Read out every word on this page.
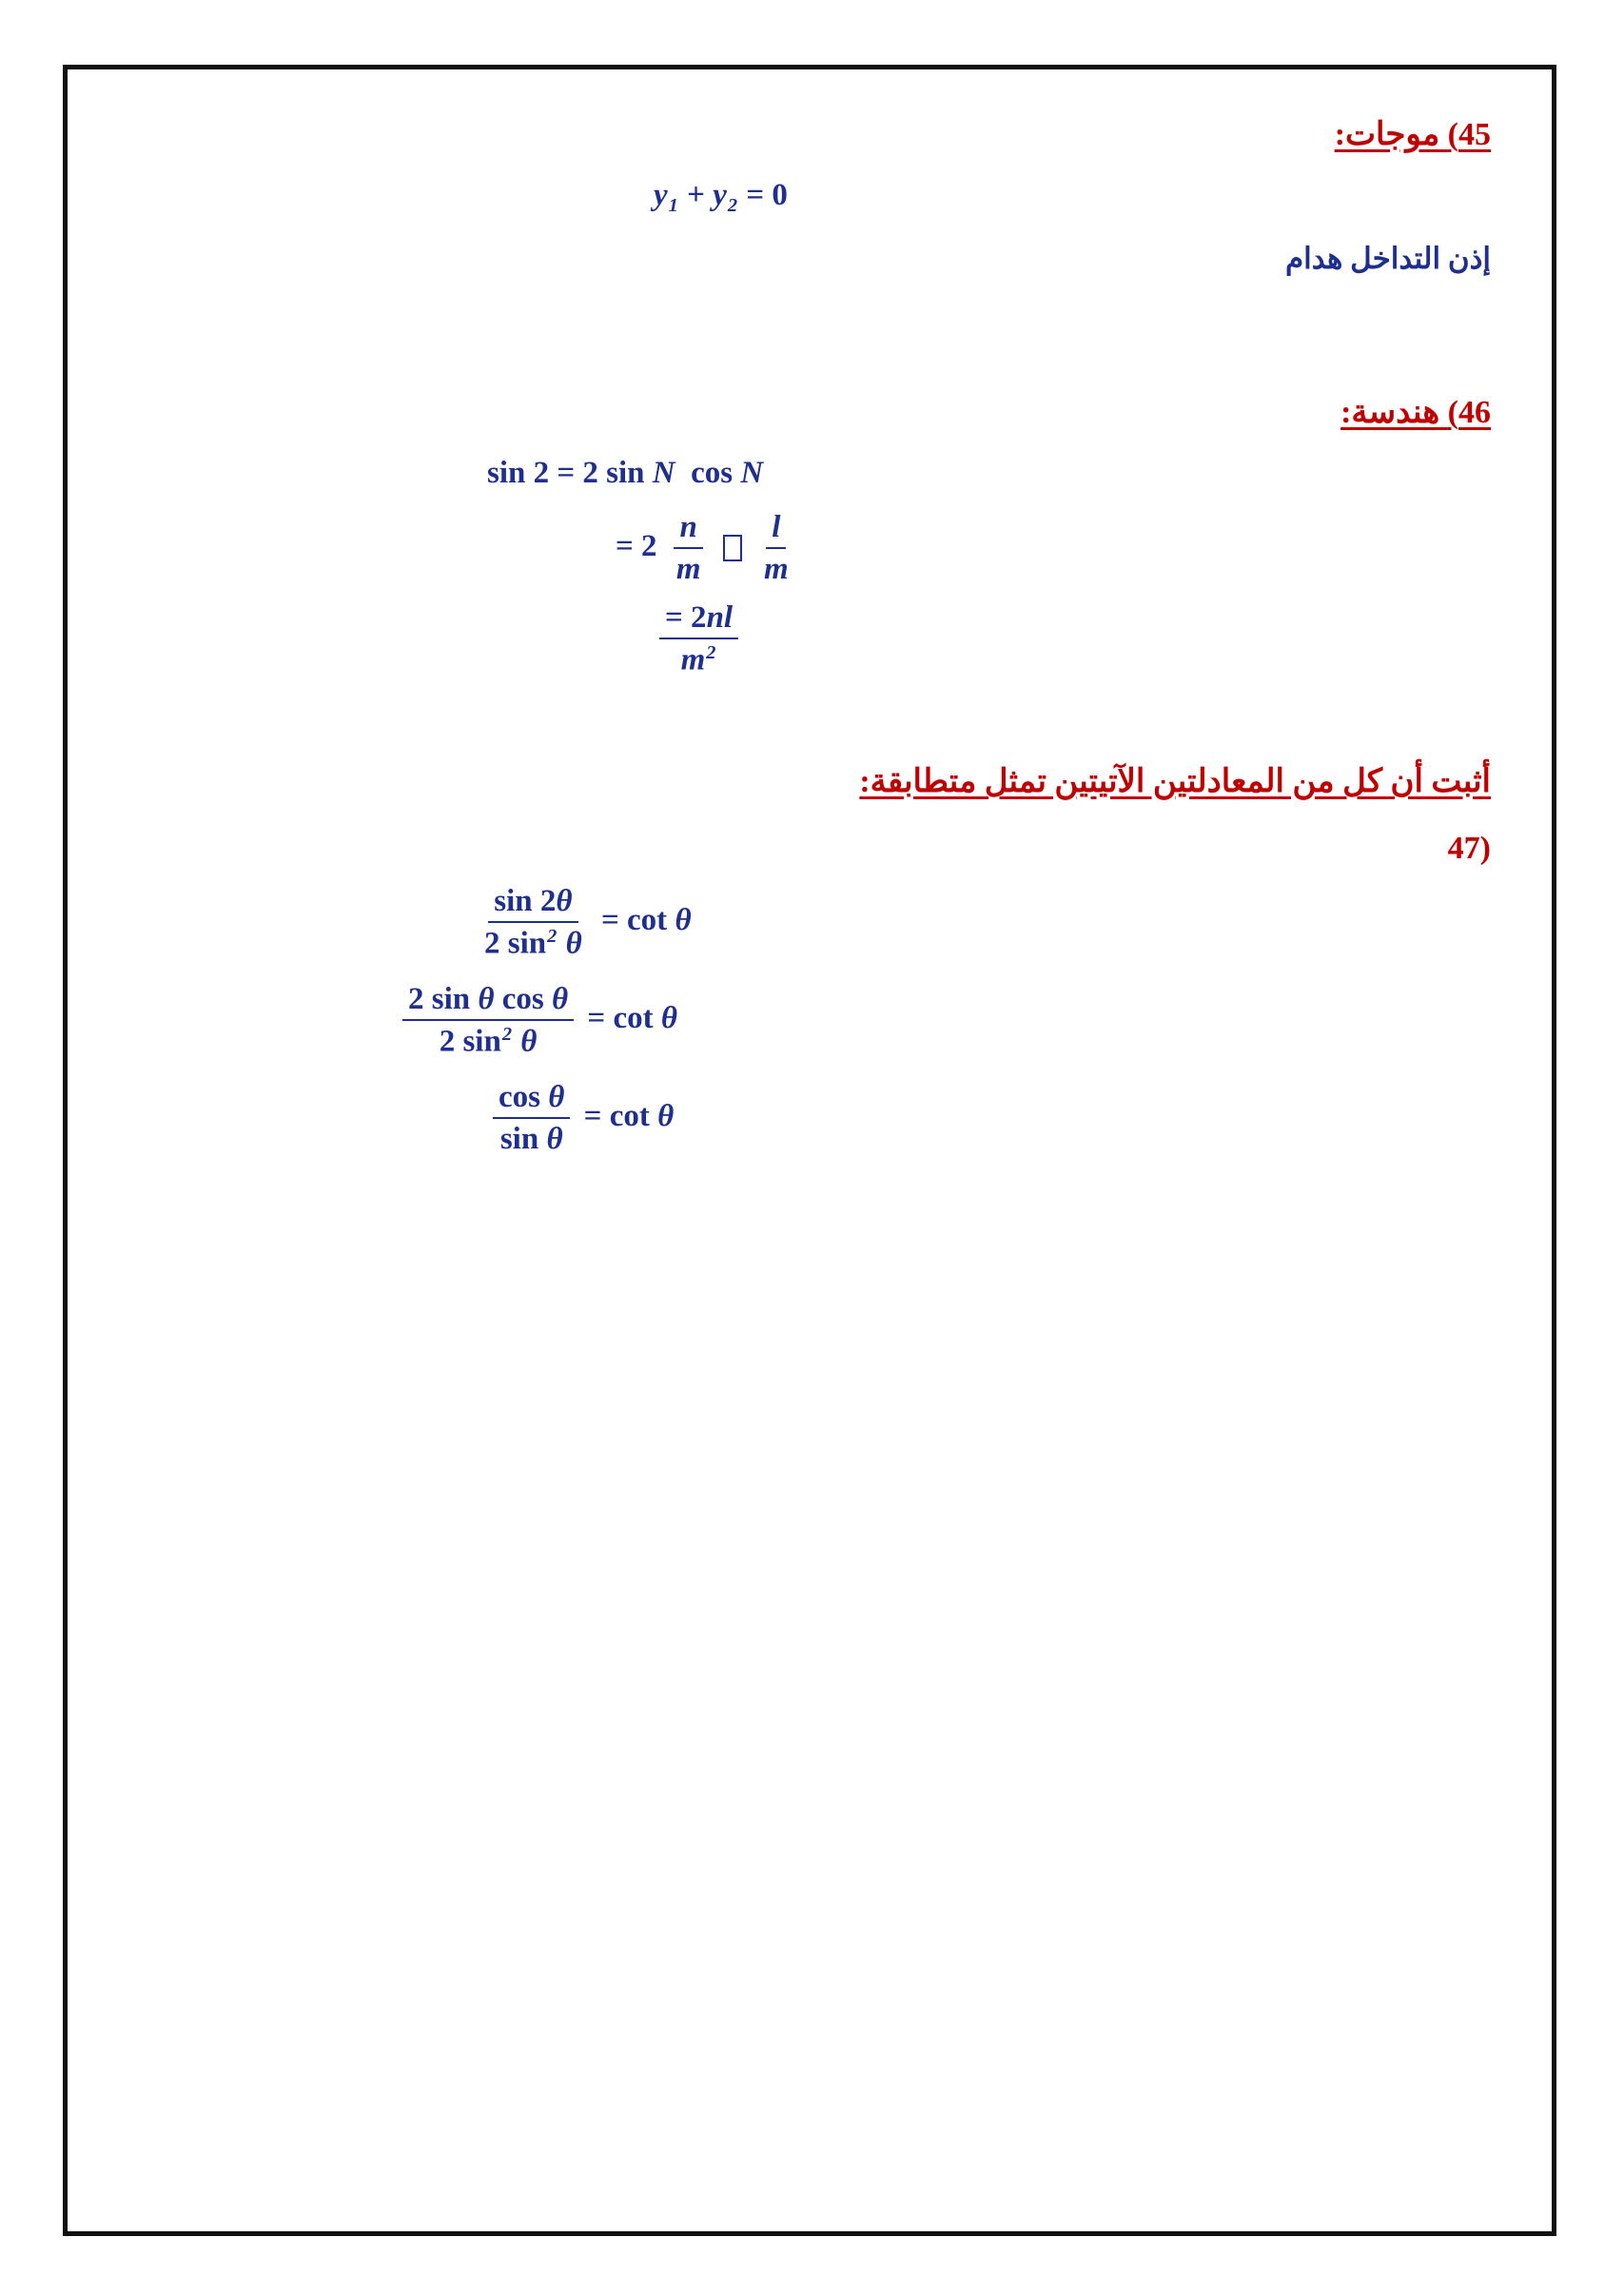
45) موجات:
$y_1 + y_2 = 0$
إذن التداخل هدام
46) هندسة:
sin 2 = 2 sin N  cos N
= $2 \frac{n}{m}$
$\frac{l}{m}$
$\frac{= 2nl}{m^2}$
أثبت أن كل من المعادلتين الآتيتين تمثل متطابقة:
(47
$\frac{\sin 2\theta}{2 \sin^2 \theta} = \cot \theta$
$\frac{\text{2 sin θ cos θ}}{2 \sin^2 \theta} = \cot \theta$
$\frac{\text{cos θ}}{\text{sin θ}} = \cot \theta$
